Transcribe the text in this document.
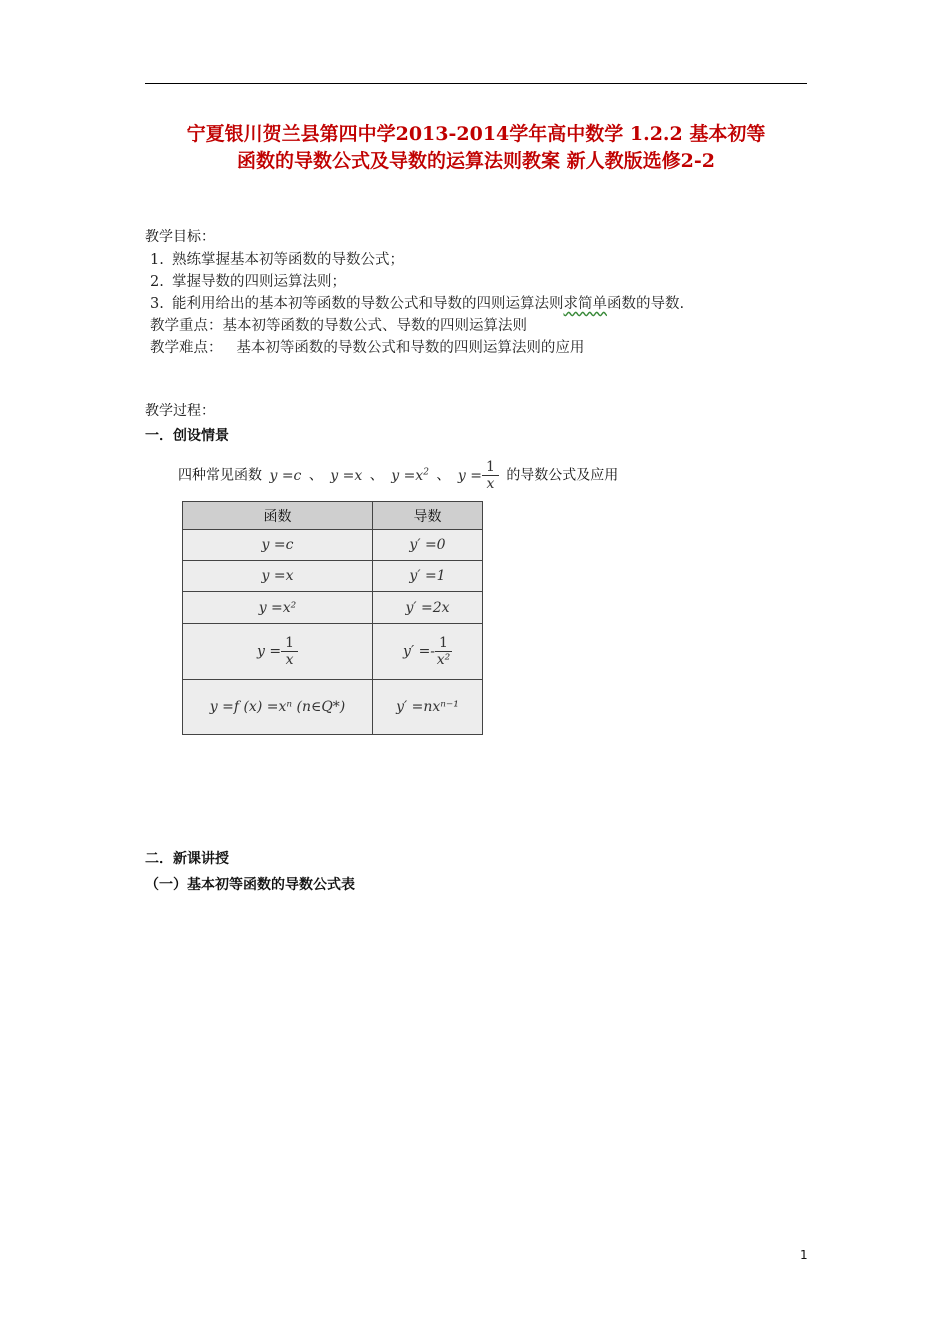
宁夏银川贺兰县第四中学2013-2014学年高中数学 1.2.2 基本初等
函数的导数公式及导数的运算法则教案 新人教版选修2-2
教学目标：
1. 熟练掌握基本初等函数的导数公式；
2. 掌握导数的四则运算法则；
3. 能利用给出的基本初等函数的导数公式和导数的四则运算法则求简单函数的导数.
教学重点：基本初等函数的导数公式、导数的四则运算法则
教学难点：   基本初等函数的导数公式和导数的四则运算法则的应用
教学过程：
一．创设情景
四种常见函数 y =c 、 y =x 、 $y =x^2$ 、 $y = \frac{1}{x}$ 的导数公式及应用
函数	导数
y =c	y′ =0
y =x	y′ =1
y =x²	y′ =2x
$y = \frac{1}{x}$	$y' =- \frac{1}{\text{x²}}$

y =f (x) =xⁿ (n∈Q*)	y′ =nxⁿ⁻¹
二．新课讲授
（一）基本初等函数的导数公式表
1
